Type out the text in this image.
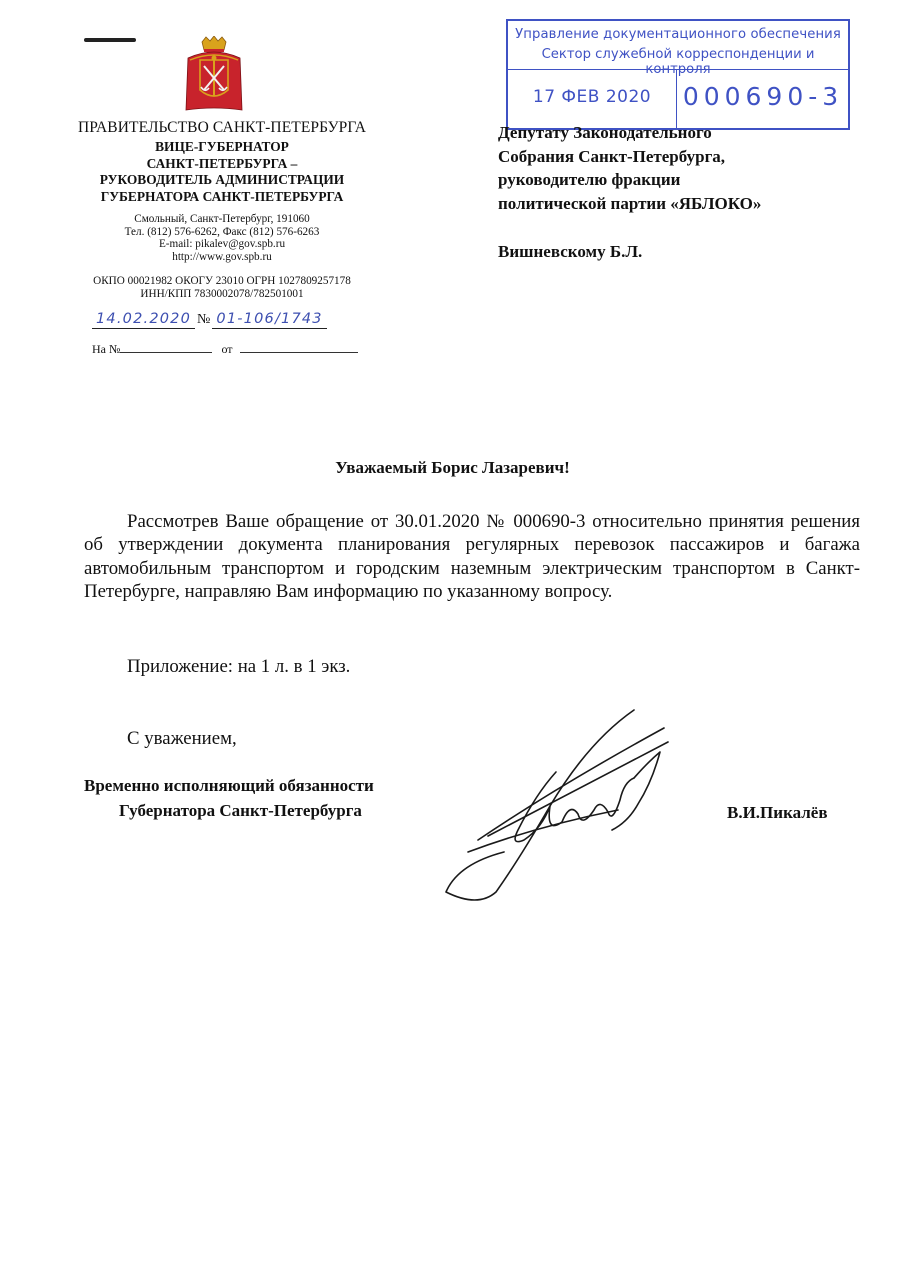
ПРАВИТЕЛЬСТВО САНКТ-ПЕТЕРБУРГА
ВИЦЕ-ГУБЕРНАТОР
САНКТ-ПЕТЕРБУРГА –
РУКОВОДИТЕЛЬ АДМИНИСТРАЦИИ
ГУБЕРНАТОРА САНКТ-ПЕТЕРБУРГА
Смольный, Санкт-Петербург, 191060
Тел. (812) 576-6262, Факс (812) 576-6263
E-mail: pikalev@gov.spb.ru
http://www.gov.spb.ru
ОКПО 00021982 ОКОГУ 23010 ОГРН 1027809257178
ИНН/КПП 7830002078/782501001
14.02.2020 № 01-106/1743
На №	от
Управление документационного обеспечения
Сектор служебной корреспонденции и контроля
17 ФЕВ 2020	000690-3
Депутату Законодательного
Собрания Санкт-Петербурга,
руководителю фракции
политической партии «ЯБЛОКО»
Вишневскому Б.Л.
Уважаемый Борис Лазаревич!

Рассмотрев Ваше обращение от 30.01.2020 № 000690-3 относительно принятия решения об утверждении документа планирования регулярных перевозок пассажиров и багажа автомобильным транспортом и городским наземным электрическим транспортом в Санкт-Петербурге, направляю Вам информацию по указанному вопросу.

Приложение: на 1 л. в 1 экз.
С уважением,
Временно исполняющий обязанности
Губернатора Санкт-Петербурга	В.И.Пикалёв
